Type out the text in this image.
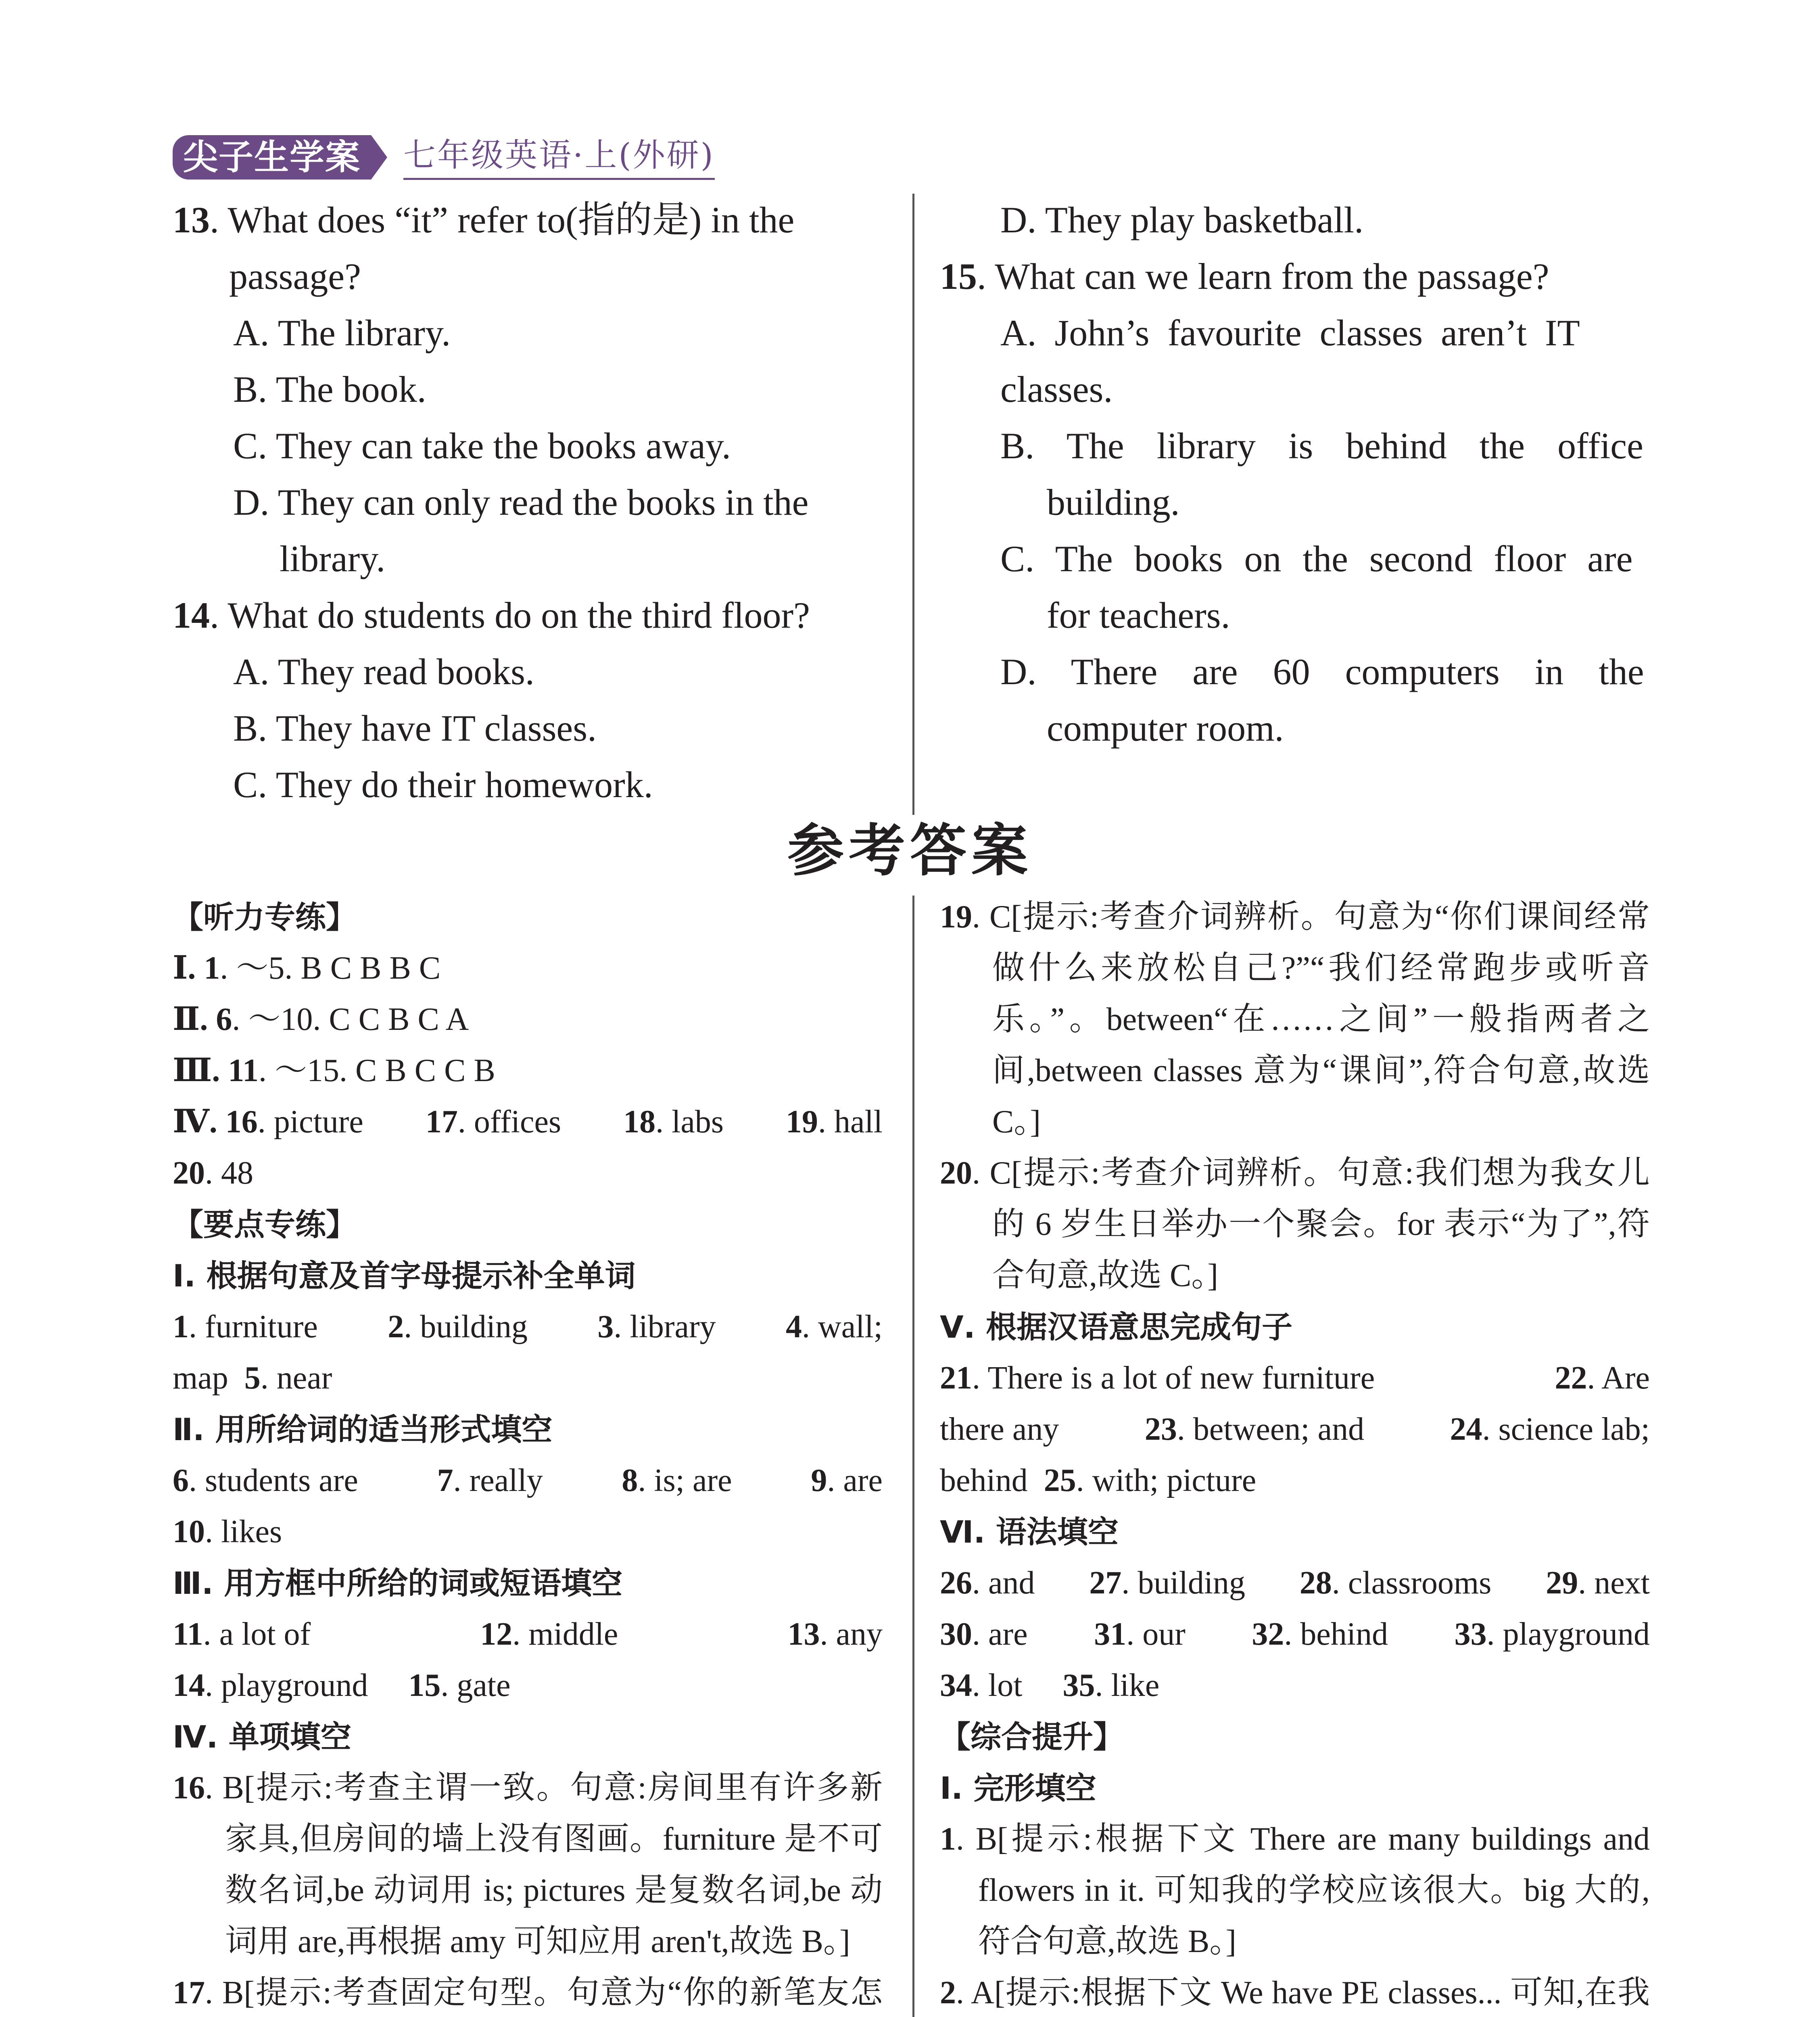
尖子生学案	七年级英语·上(外研)

13. What does “it” refer to(指的是) in the

passage?

A. The library.

B. The book.

C. They can take the books away.

D. They can only read the books in the

library.

14. What do students do on the third floor?

A. They read books.

B. They have IT classes.

C. They do their homework.

D. They play basketball.

15. What can we learn from the passage?

A. John’s favourite classes aren’t IT

classes.

B. The library is behind the office

building.

C. The books on the second floor are

for teachers.

D. There are 60 computers in the

computer room.

参考答案

【听力专练】

Ⅰ. 1. ～5. B C B B C

Ⅱ. 6. ～10. C C B C A

Ⅲ. 11. ～15. C B C C B

Ⅳ. 16. picture 17. offices 18. labs 19. hall

20. 48

【要点专练】

Ⅰ. 根据句意及首字母提示补全单词

1. furniture 2. building 3. library 4. wall;
map 5. near

Ⅱ. 用所给词的适当形式填空

6. students are 7. really 8. is; are 9. are

10. likes

Ⅲ. 用方框中所给的词或短语填空

11. a lot of	12. middle	13. any
14. playground 15. gate

Ⅳ. 单项填空

16. B[提示:考查主谓一致。句意:房间里有许多新家具,但房间的墙上没有图画。furniture 是不可数名词,be 动词用 is; pictures 是复数名词,be 动词用 are,再根据 amy 可知应用 aren't,故选 B。]

17. B[提示:考查固定句型。句意为“你的新笔友怎

19. C[提示:考查介词辨析。句意为“你们课间经常做什么来放松自己?”“我们经常跑步或听音乐。”。between“在……之间”一般指两者之间,between classes 意为“课间”,符合句意,故选 C。]

20. C[提示:考查介词辨析。句意:我们想为我女儿的 6 岁生日举办一个聚会。for 表示“为了”,符合句意,故选 C。]

Ⅴ. 根据汉语意思完成句子

21. There is a lot of new furniture	22. Are
there any	23. between; and	24. science lab;
behind 25. with; picture

Ⅵ. 语法填空

26. and 27. building 28. classrooms 29. next
30. are 31. our 32. behind 33. playground
34. lot 35. like

【综合提升】

Ⅰ. 完形填空

1. B[提示:根据下文 There are many buildings and flowers in it. 可知我的学校应该很大。big 大的,符合句意,故选 B。]

2. A[提示:根据下文 We have PE classes... 可知,在我
